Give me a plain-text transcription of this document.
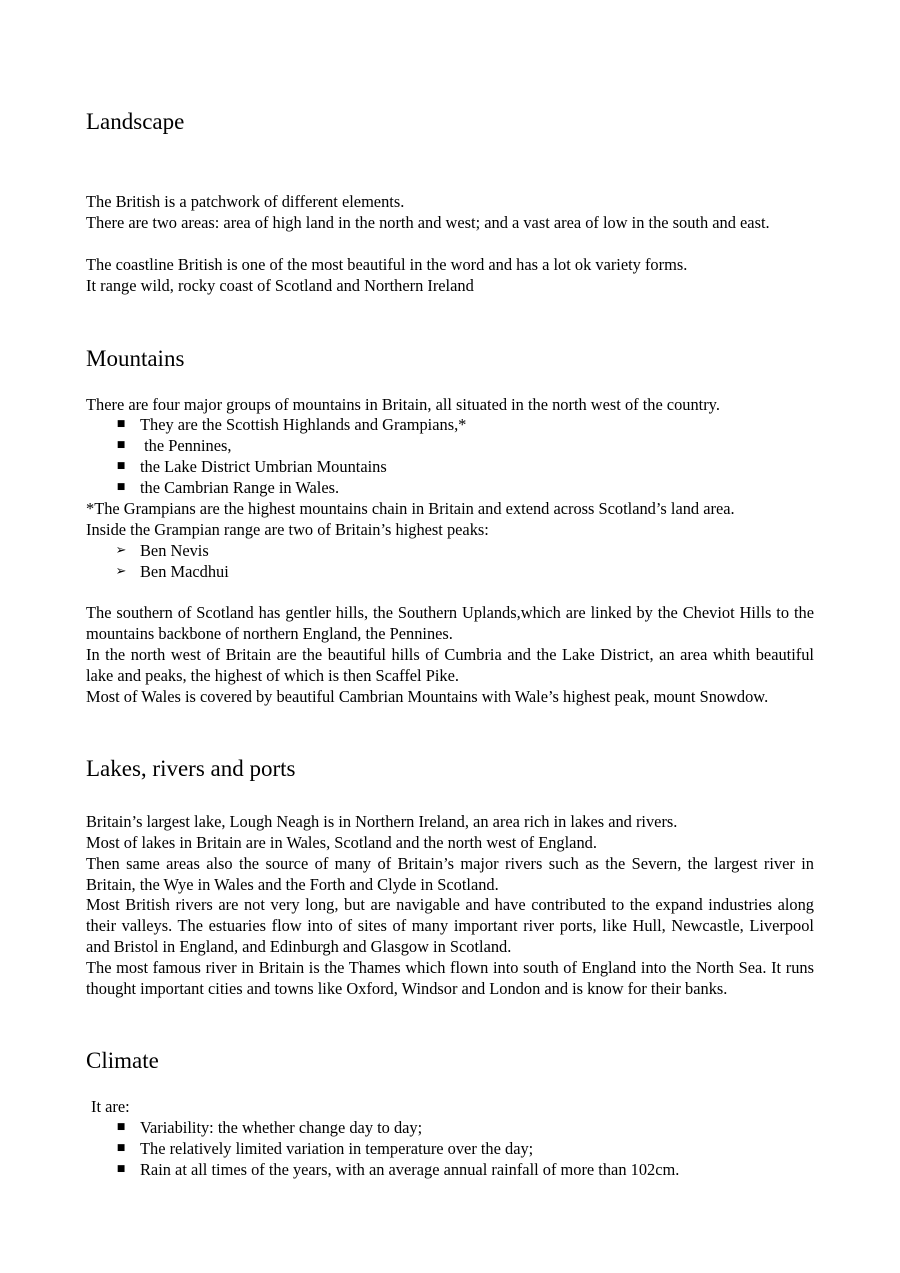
Landscape

The British is a patchwork of different elements.

There are two areas: area of high land in the north and west; and a vast area of low in the south and east.

The coastline British is one of the most beautiful in the word and has a lot ok variety forms.

It range wild, rocky coast of Scotland and Northern Ireland

Mountains

There are four major groups of mountains in Britain, all situated in the north west of the country.

■ They are the Scottish Highlands and Grampians,*
■ the Pennines,
■ the Lake District Umbrian Mountains
■ the Cambrian Range in Wales.

*The Grampians are the highest mountains chain in Britain and extend across Scotland’s land area.

Inside the Grampian range are two of Britain’s highest peaks:

➢ Ben Nevis
➢ Ben Macdhui

The southern of Scotland has gentler hills, the Southern Uplands,which are linked by the Cheviot Hills to the mountains backbone of northern England, the Pennines.

In the north west of Britain are the beautiful hills of Cumbria and the Lake District, an area whith beautiful lake and peaks, the highest of which is then Scaffel Pike.

Most of Wales is covered by beautiful Cambrian Mountains with Wale’s highest peak, mount Snowdow.

Lakes, rivers and ports

Britain’s largest lake, Lough Neagh is in Northern Ireland, an area rich in lakes and rivers.

Most of lakes in Britain are in Wales, Scotland and the north west of England.

Then same areas also the source of many of Britain’s major rivers such as the Severn, the largest river in Britain, the Wye in Wales and the Forth and Clyde in Scotland.

Most British rivers are not very long, but are navigable and have contributed to the expand industries along their valleys. The estuaries flow into of sites of many important river ports, like Hull, Newcastle, Liverpool and Bristol in England, and Edinburgh and Glasgow in Scotland.

The most famous river in Britain is the Thames which flown into south of England into the North Sea. It runs thought important cities and towns like Oxford, Windsor and London and is know for their banks.

Climate

It are:

■ Variability: the whether change day to day;
■ The relatively limited variation in temperature over the day;
■ Rain at all times of the years, with an average annual rainfall of more than 102cm.
